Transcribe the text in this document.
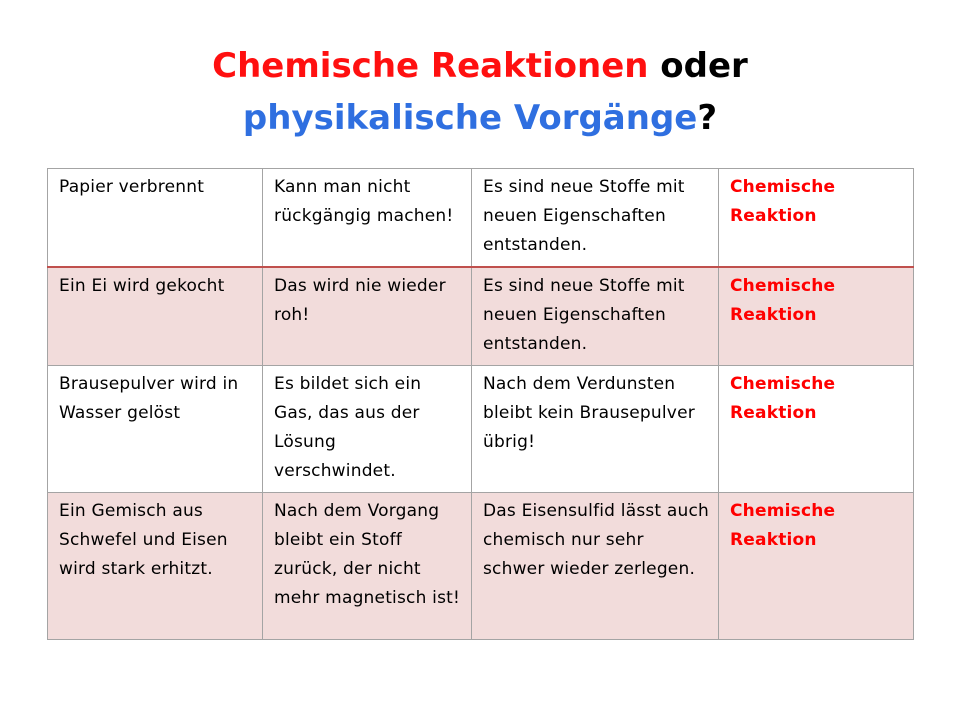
Chemische Reaktionen oder
physikalische Vorgänge?
Papier verbrennt	Kann man nicht rückgängig machen!	Es sind neue Stoffe mit neuen Eigenschaften entstanden.	Chemische Reaktion
Ein Ei wird gekocht	Das wird nie wieder roh!	Es sind neue Stoffe mit neuen Eigenschaften entstanden.	Chemische Reaktion
Brausepulver wird in Wasser gelöst	Es bildet sich ein Gas, das aus der Lösung verschwindet.	Nach dem Verdunsten bleibt kein Brausepulver übrig!	Chemische Reaktion
Ein Gemisch aus Schwefel und Eisen wird stark erhitzt.	Nach dem Vorgang bleibt ein Stoff zurück, der nicht mehr magnetisch ist!	Das Eisensulfid lässt auch chemisch nur sehr schwer wieder zerlegen.	Chemische Reaktion
